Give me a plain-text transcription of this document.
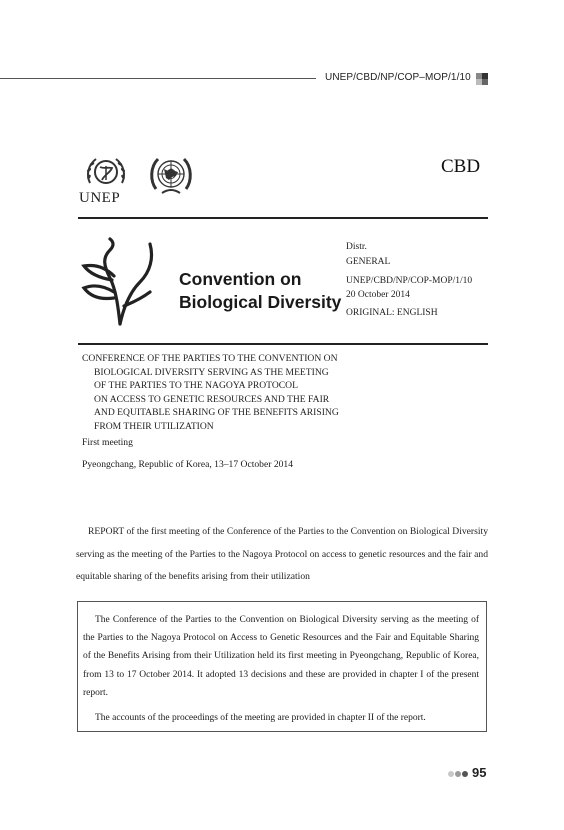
UNEP/CBD/NP/COP–MOP/1/10
UNEP
CBD
Convention on
Biological Diversity
Distr.
GENERAL
UNEP/CBD/NP/COP-MOP/1/10
20 October 2014
ORIGINAL: ENGLISH
CONFERENCE OF THE PARTIES TO THE CONVENTION ON
BIOLOGICAL DIVERSITY SERVING AS THE MEETING
OF THE PARTIES TO THE NAGOYA PROTOCOL
ON ACCESS TO GENETIC RESOURCES AND THE FAIR
AND EQUITABLE SHARING OF THE BENEFITS ARISING
FROM THEIR UTILIZATION
First meeting
Pyeongchang, Republic of Korea, 13–17 October 2014
REPORT of the first meeting of the Conference of the Parties to the Convention on Biological Diversity serving as the meeting of the Parties to the Nagoya Protocol on access to genetic resources and the fair and equitable sharing of the benefits arising from their utilization
The Conference of the Parties to the Convention on Biological Diversity serving as the meeting of the Parties to the Nagoya Protocol on Access to Genetic Resources and the Fair and Equitable Sharing of the Benefits Arising from their Utilization held its first meeting in Pyeongchang, Republic of Korea, from 13 to 17 October 2014. It adopted 13 decisions and these are provided in chapter I of the present report.
The accounts of the proceedings of the meeting are provided in chapter II of the report.
95
